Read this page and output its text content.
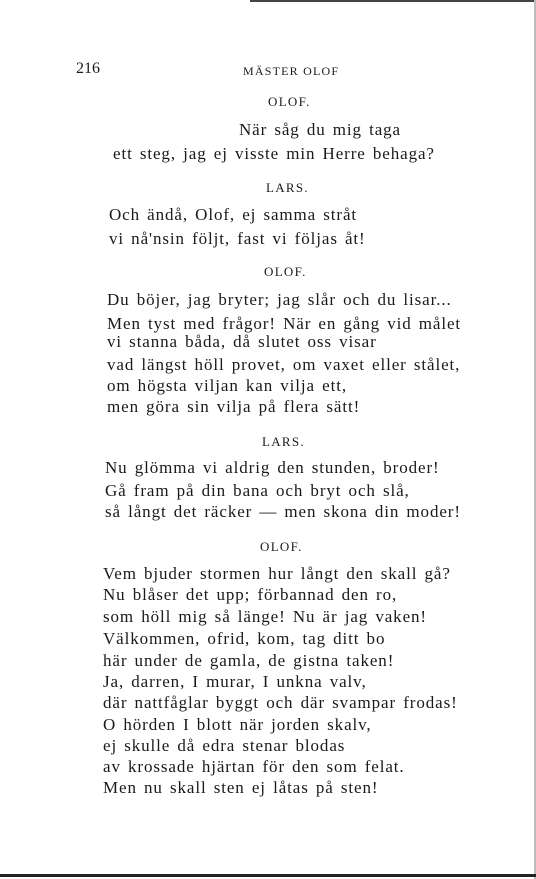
216	MÄSTER OLOF
OLOF.
När såg du mig taga
ett steg, jag ej visste min Herre behaga?
LARS.
Och ändå, Olof, ej samma stråt
vi nå'nsin följt, fast vi följas åt!
OLOF.
Du böjer, jag bryter; jag slår och du lisar...
Men tyst med frågor! När en gång vid målet
vi stanna båda, då slutet oss visar
vad längst höll provet, om vaxet eller stålet,
om högsta viljan kan vilja ett,
men göra sin vilja på flera sätt!
LARS.
Nu glömma vi aldrig den stunden, broder!
Gå fram på din bana och bryt och slå,
så långt det räcker — men skona din moder!
OLOF.
Vem bjuder stormen hur långt den skall gå?
Nu blåser det upp; förbannad den ro,
som höll mig så länge! Nu är jag vaken!
Välkommen, ofrid, kom, tag ditt bo
här under de gamla, de gistna taken!
Ja, darren, I murar, I unkna valv,
där nattfåglar byggt och där svampar frodas!
O hörden I blott när jorden skalv,
ej skulle då edra stenar blodas
av krossade hjärtan för den som felat.
Men nu skall sten ej låtas på sten!
